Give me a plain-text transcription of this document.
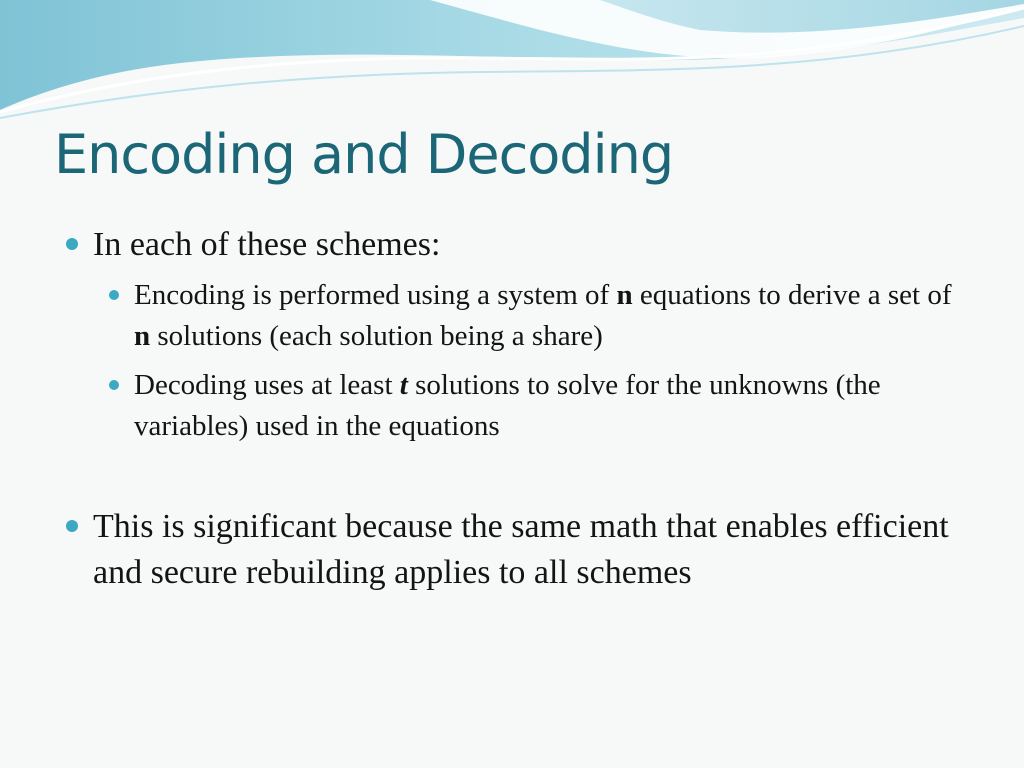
Encoding and Decoding
In each of these schemes:
Encoding is performed using a system of n equations to derive a set of n solutions (each solution being a share)
Decoding uses at least t solutions to solve for the unknowns (the variables) used in the equations
This is significant because the same math that enables efficient and secure rebuilding applies to all schemes
